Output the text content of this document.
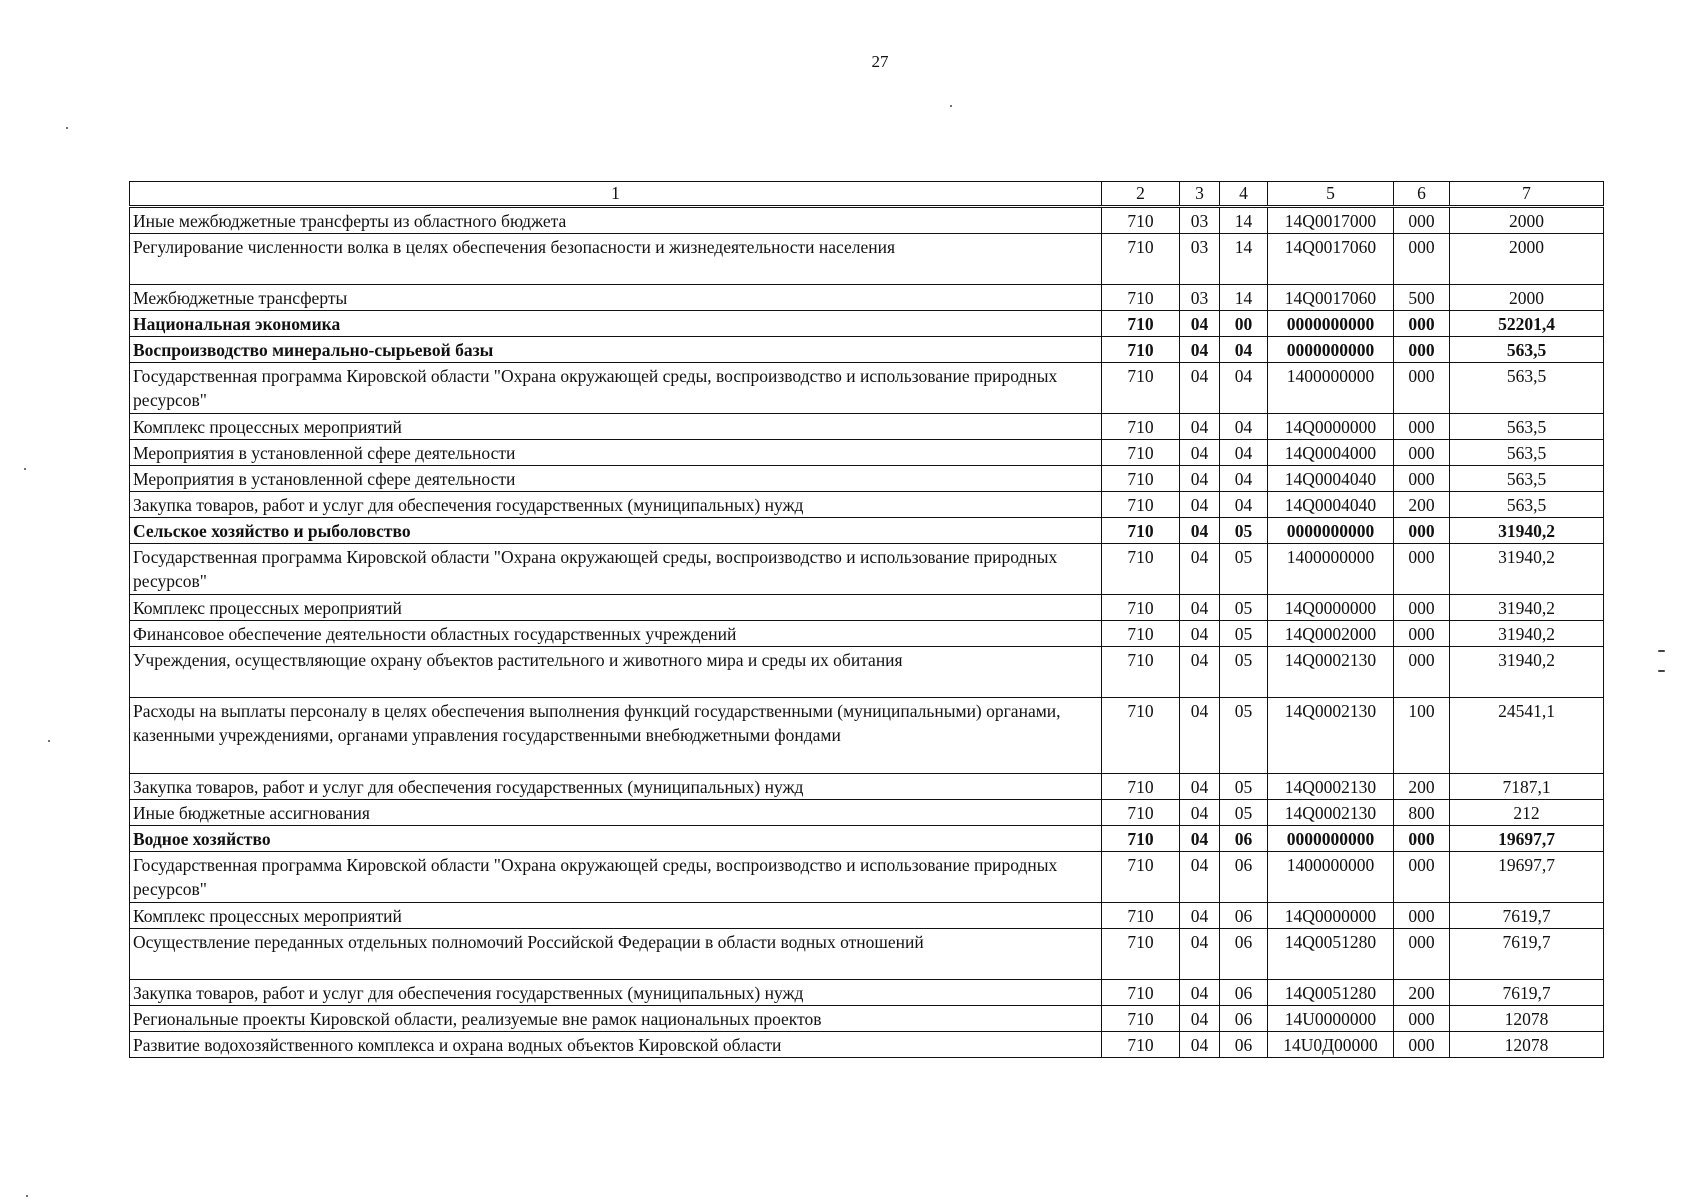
27
1	2	3	4	5	6	7
Иные межбюджетные трансферты из областного бюджета	710	03	14	14Q0017000	000	2000
Регулирование численности волка в целях обеспечения безопасности и жизнедеятельности населения	710	03	14	14Q0017060	000	2000
Межбюджетные трансферты	710	03	14	14Q0017060	500	2000
Национальная экономика	710	04	00	0000000000	000	52201,4
Воспроизводство минерально-сырьевой базы	710	04	04	0000000000	000	563,5
Государственная программа Кировской области "Охрана окружающей среды, воспроизводство и использование природных ресурсов"	710	04	04	1400000000	000	563,5
Комплекс процессных мероприятий	710	04	04	14Q0000000	000	563,5
Мероприятия в установленной сфере деятельности	710	04	04	14Q0004000	000	563,5
Мероприятия в установленной сфере деятельности	710	04	04	14Q0004040	000	563,5
Закупка товаров, работ и услуг для обеспечения государственных (муниципальных) нужд	710	04	04	14Q0004040	200	563,5
Сельское хозяйство и рыболовство	710	04	05	0000000000	000	31940,2
Государственная программа Кировской области "Охрана окружающей среды, воспроизводство и использование природных ресурсов"	710	04	05	1400000000	000	31940,2
Комплекс процессных мероприятий	710	04	05	14Q0000000	000	31940,2
Финансовое обеспечение деятельности областных государственных учреждений	710	04	05	14Q0002000	000	31940,2
Учреждения, осуществляющие охрану объектов растительного и животного мира и среды их обитания	710	04	05	14Q0002130	000	31940,2
Расходы на выплаты персоналу в целях обеспечения выполнения функций государственными (муниципальными) органами, казенными учреждениями, органами управления государственными внебюджетными фондами	710	04	05	14Q0002130	100	24541,1
Закупка товаров, работ и услуг для обеспечения государственных (муниципальных) нужд	710	04	05	14Q0002130	200	7187,1
Иные бюджетные ассигнования	710	04	05	14Q0002130	800	212
Водное хозяйство	710	04	06	0000000000	000	19697,7
Государственная программа Кировской области "Охрана окружающей среды, воспроизводство и использование природных ресурсов"	710	04	06	1400000000	000	19697,7
Комплекс процессных мероприятий	710	04	06	14Q0000000	000	7619,7
Осуществление переданных отдельных полномочий Российской Федерации в области водных отношений	710	04	06	14Q0051280	000	7619,7
Закупка товаров, работ и услуг для обеспечения государственных (муниципальных) нужд	710	04	06	14Q0051280	200	7619,7
Региональные проекты Кировской области, реализуемые вне рамок национальных проектов	710	04	06	14U0000000	000	12078
Развитие водохозяйственного комплекса и охрана водных объектов Кировской области	710	04	06	14U0Д00000	000	12078
